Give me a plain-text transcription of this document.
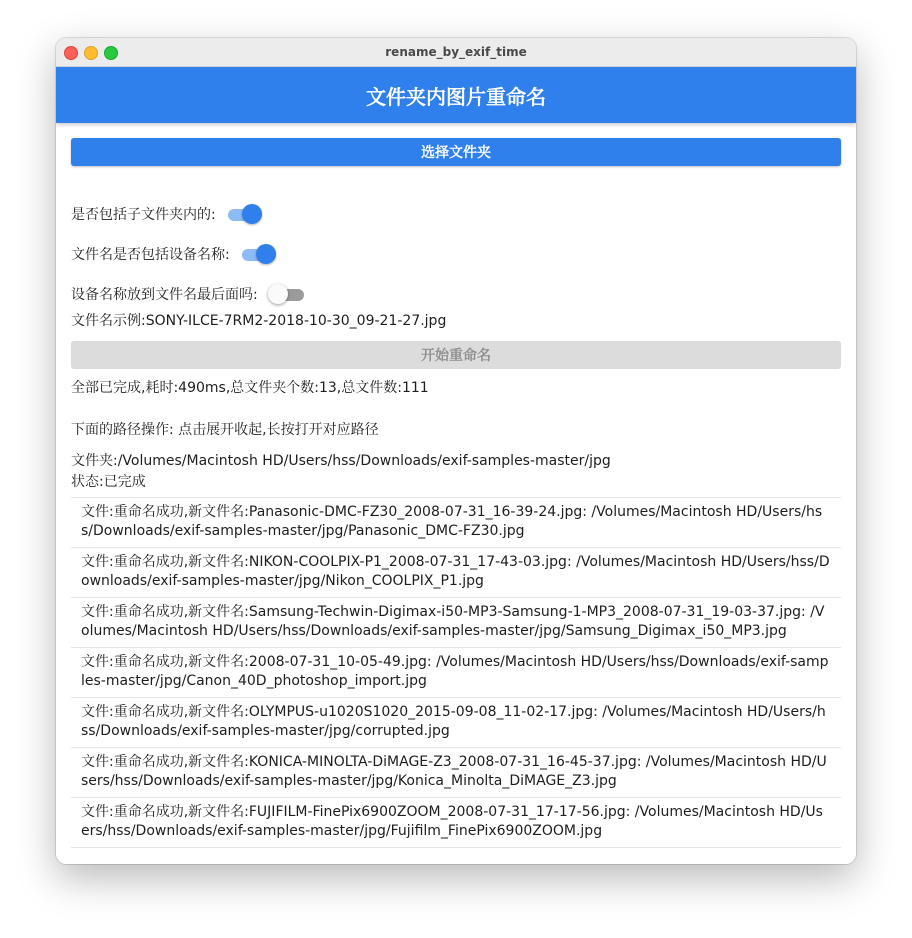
rename_by_exif_time
文件夹内图片重命名
选择文件夹
是否包括子文件夹内的:
文件名是否包括设备名称:
设备名称放到文件名最后面吗:
文件名示例:SONY-ILCE-7RM2-2018-10-30_09-21-27.jpg
开始重命名
全部已完成,耗时:490ms,总文件夹个数:13,总文件数:111
下面的路径操作: 点击展开收起,长按打开对应路径
文件夹:/Volumes/Macintosh HD/Users/hss/Downloads/exif-samples-master/jpg
状态:已完成
文件:重命名成功,新文件名:Panasonic-DMC-FZ30_2008-07-31_16-39-24.jpg: /Volumes/Macintosh HD/Users/hss/Downloads/exif-samples-master/jpg/Panasonic_DMC-FZ30.jpg
文件:重命名成功,新文件名:NIKON-COOLPIX-P1_2008-07-31_17-43-03.jpg: /Volumes/Macintosh HD/Users/hss/Downloads/exif-samples-master/jpg/Nikon_COOLPIX_P1.jpg
文件:重命名成功,新文件名:Samsung-Techwin-Digimax-i50-MP3-Samsung-1-MP3_2008-07-31_19-03-37.jpg: /Volumes/Macintosh HD/Users/hss/Downloads/exif-samples-master/jpg/Samsung_Digimax_i50_MP3.jpg
文件:重命名成功,新文件名:2008-07-31_10-05-49.jpg: /Volumes/Macintosh HD/Users/hss/Downloads/exif-samples-master/jpg/Canon_40D_photoshop_import.jpg
文件:重命名成功,新文件名:OLYMPUS-u1020S1020_2015-09-08_11-02-17.jpg: /Volumes/Macintosh HD/Users/hss/Downloads/exif-samples-master/jpg/corrupted.jpg
文件:重命名成功,新文件名:KONICA-MINOLTA-DiMAGE-Z3_2008-07-31_16-45-37.jpg: /Volumes/Macintosh HD/Users/hss/Downloads/exif-samples-master/jpg/Konica_Minolta_DiMAGE_Z3.jpg
文件:重命名成功,新文件名:FUJIFILM-FinePix6900ZOOM_2008-07-31_17-17-56.jpg: /Volumes/Macintosh HD/Users/hss/Downloads/exif-samples-master/jpg/Fujifilm_FinePix6900ZOOM.jpg
